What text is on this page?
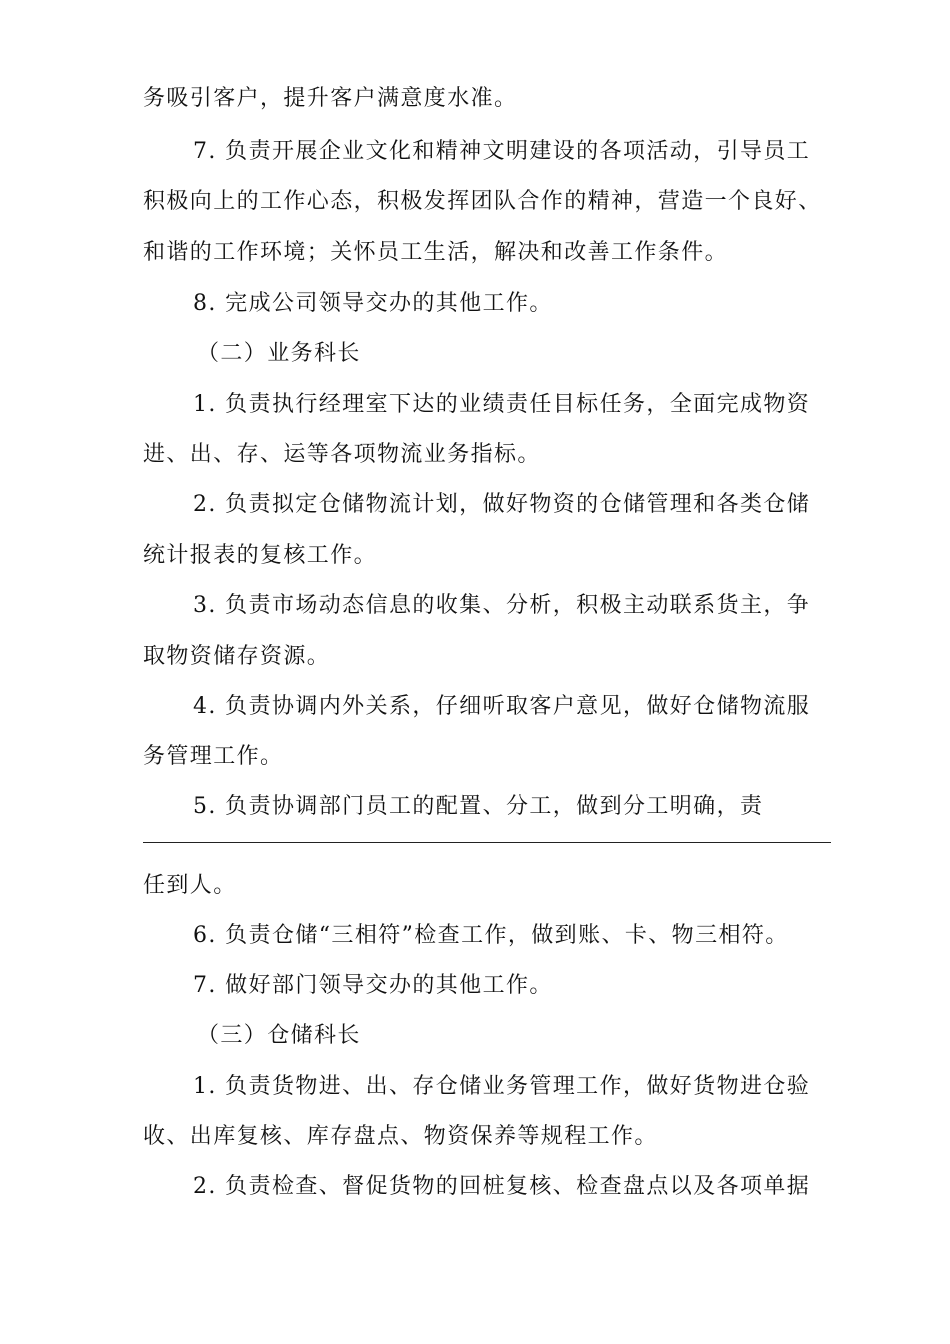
务吸引客户，提升客户满意度水准。
7. 负责开展企业文化和精神文明建设的各项活动，引导员工
积极向上的工作心态，积极发挥团队合作的精神，营造一个良好、
和谐的工作环境；关怀员工生活，解决和改善工作条件。
8. 完成公司领导交办的其他工作。
（二）业务科长
1. 负责执行经理室下达的业绩责任目标任务，全面完成物资
进、出、存、运等各项物流业务指标。
2. 负责拟定仓储物流计划，做好物资的仓储管理和各类仓储
统计报表的复核工作。
3. 负责市场动态信息的收集、分析，积极主动联系货主，争
取物资储存资源。
4. 负责协调内外关系，仔细听取客户意见，做好仓储物流服
务管理工作。
5. 负责协调部门员工的配置、分工，做到分工明确，责
任到人。
6. 负责仓储“三相符”检查工作，做到账、卡、物三相符。
7. 做好部门领导交办的其他工作。
（三）仓储科长
1. 负责货物进、出、存仓储业务管理工作，做好货物进仓验
收、出库复核、库存盘点、物资保养等规程工作。
2. 负责检查、督促货物的回桩复核、检查盘点以及各项单据
